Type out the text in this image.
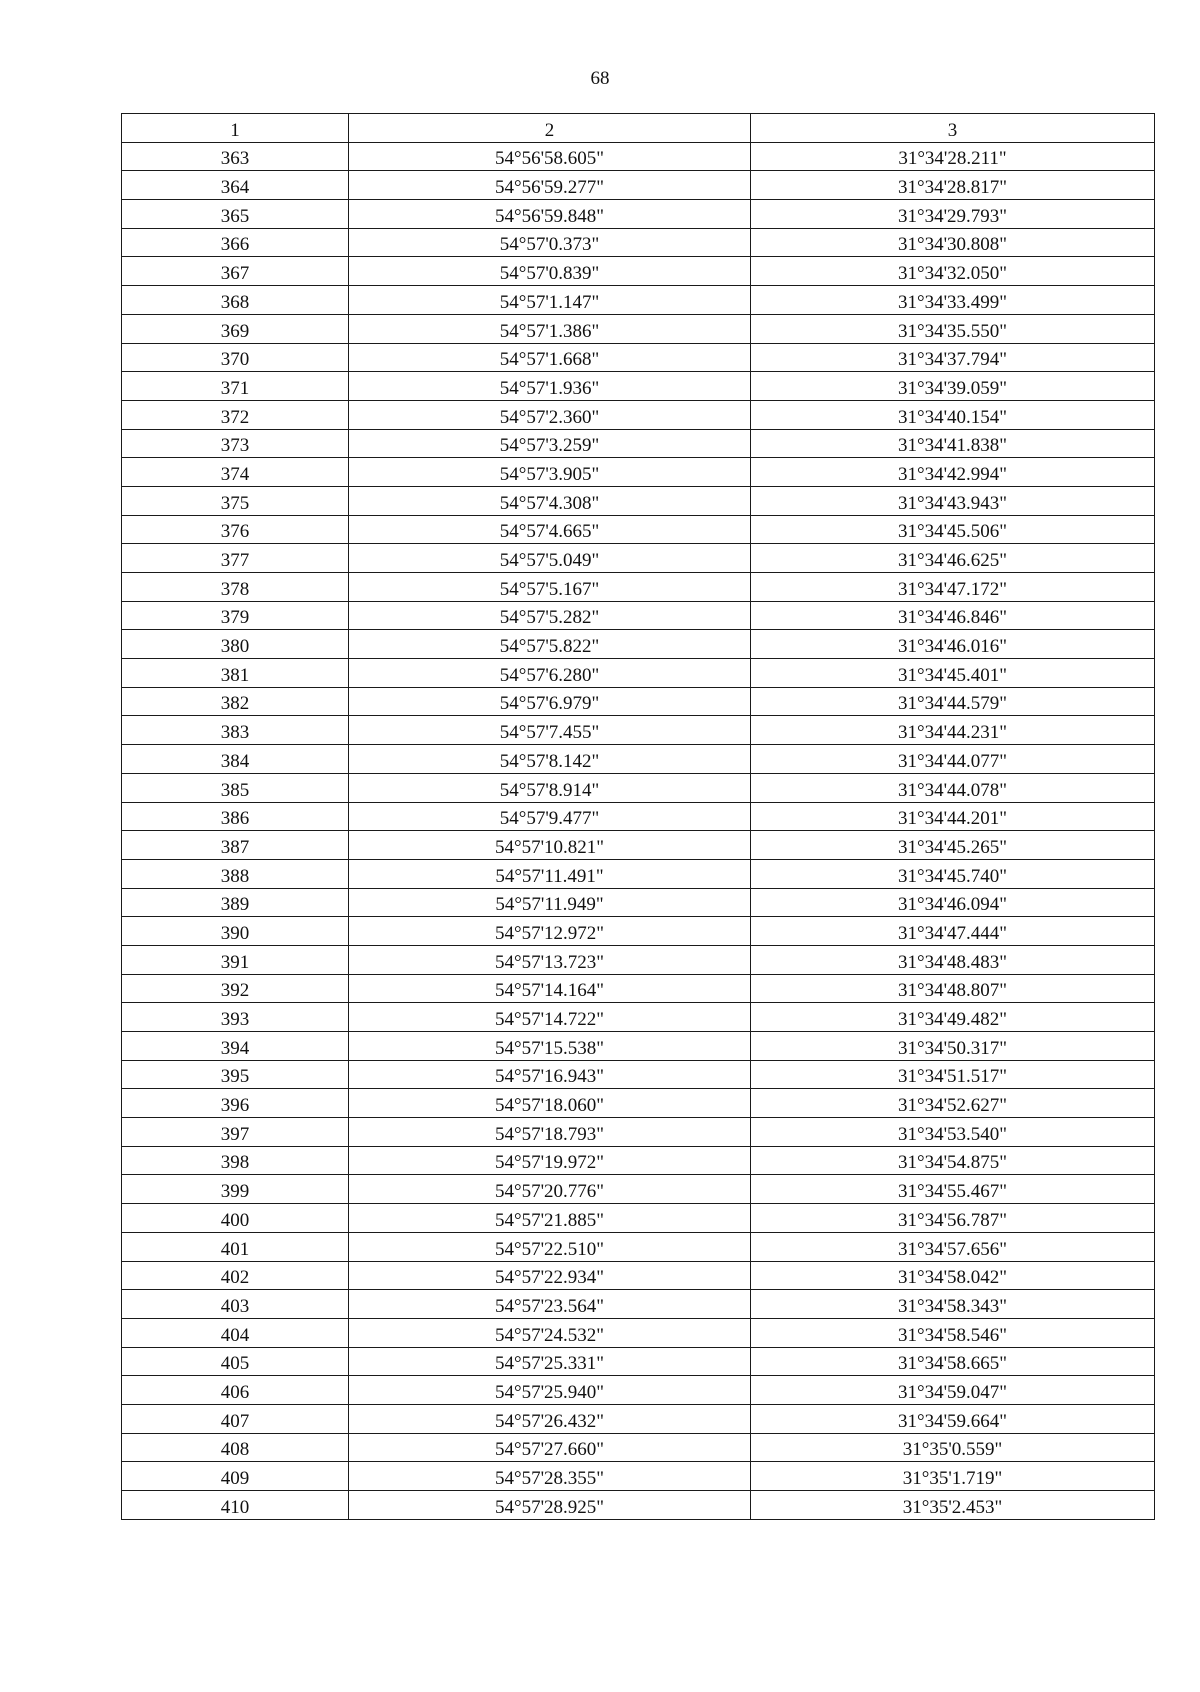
68
1	2	3
363	54°56'58.605"	31°34'28.211"
364	54°56'59.277"	31°34'28.817"
365	54°56'59.848"	31°34'29.793"
366	54°57'0.373"	31°34'30.808"
367	54°57'0.839"	31°34'32.050"
368	54°57'1.147"	31°34'33.499"
369	54°57'1.386"	31°34'35.550"
370	54°57'1.668"	31°34'37.794"
371	54°57'1.936"	31°34'39.059"
372	54°57'2.360"	31°34'40.154"
373	54°57'3.259"	31°34'41.838"
374	54°57'3.905"	31°34'42.994"
375	54°57'4.308"	31°34'43.943"
376	54°57'4.665"	31°34'45.506"
377	54°57'5.049"	31°34'46.625"
378	54°57'5.167"	31°34'47.172"
379	54°57'5.282"	31°34'46.846"
380	54°57'5.822"	31°34'46.016"
381	54°57'6.280"	31°34'45.401"
382	54°57'6.979"	31°34'44.579"
383	54°57'7.455"	31°34'44.231"
384	54°57'8.142"	31°34'44.077"
385	54°57'8.914"	31°34'44.078"
386	54°57'9.477"	31°34'44.201"
387	54°57'10.821"	31°34'45.265"
388	54°57'11.491"	31°34'45.740"
389	54°57'11.949"	31°34'46.094"
390	54°57'12.972"	31°34'47.444"
391	54°57'13.723"	31°34'48.483"
392	54°57'14.164"	31°34'48.807"
393	54°57'14.722"	31°34'49.482"
394	54°57'15.538"	31°34'50.317"
395	54°57'16.943"	31°34'51.517"
396	54°57'18.060"	31°34'52.627"
397	54°57'18.793"	31°34'53.540"
398	54°57'19.972"	31°34'54.875"
399	54°57'20.776"	31°34'55.467"
400	54°57'21.885"	31°34'56.787"
401	54°57'22.510"	31°34'57.656"
402	54°57'22.934"	31°34'58.042"
403	54°57'23.564"	31°34'58.343"
404	54°57'24.532"	31°34'58.546"
405	54°57'25.331"	31°34'58.665"
406	54°57'25.940"	31°34'59.047"
407	54°57'26.432"	31°34'59.664"
408	54°57'27.660"	31°35'0.559"
409	54°57'28.355"	31°35'1.719"
410	54°57'28.925"	31°35'2.453"
